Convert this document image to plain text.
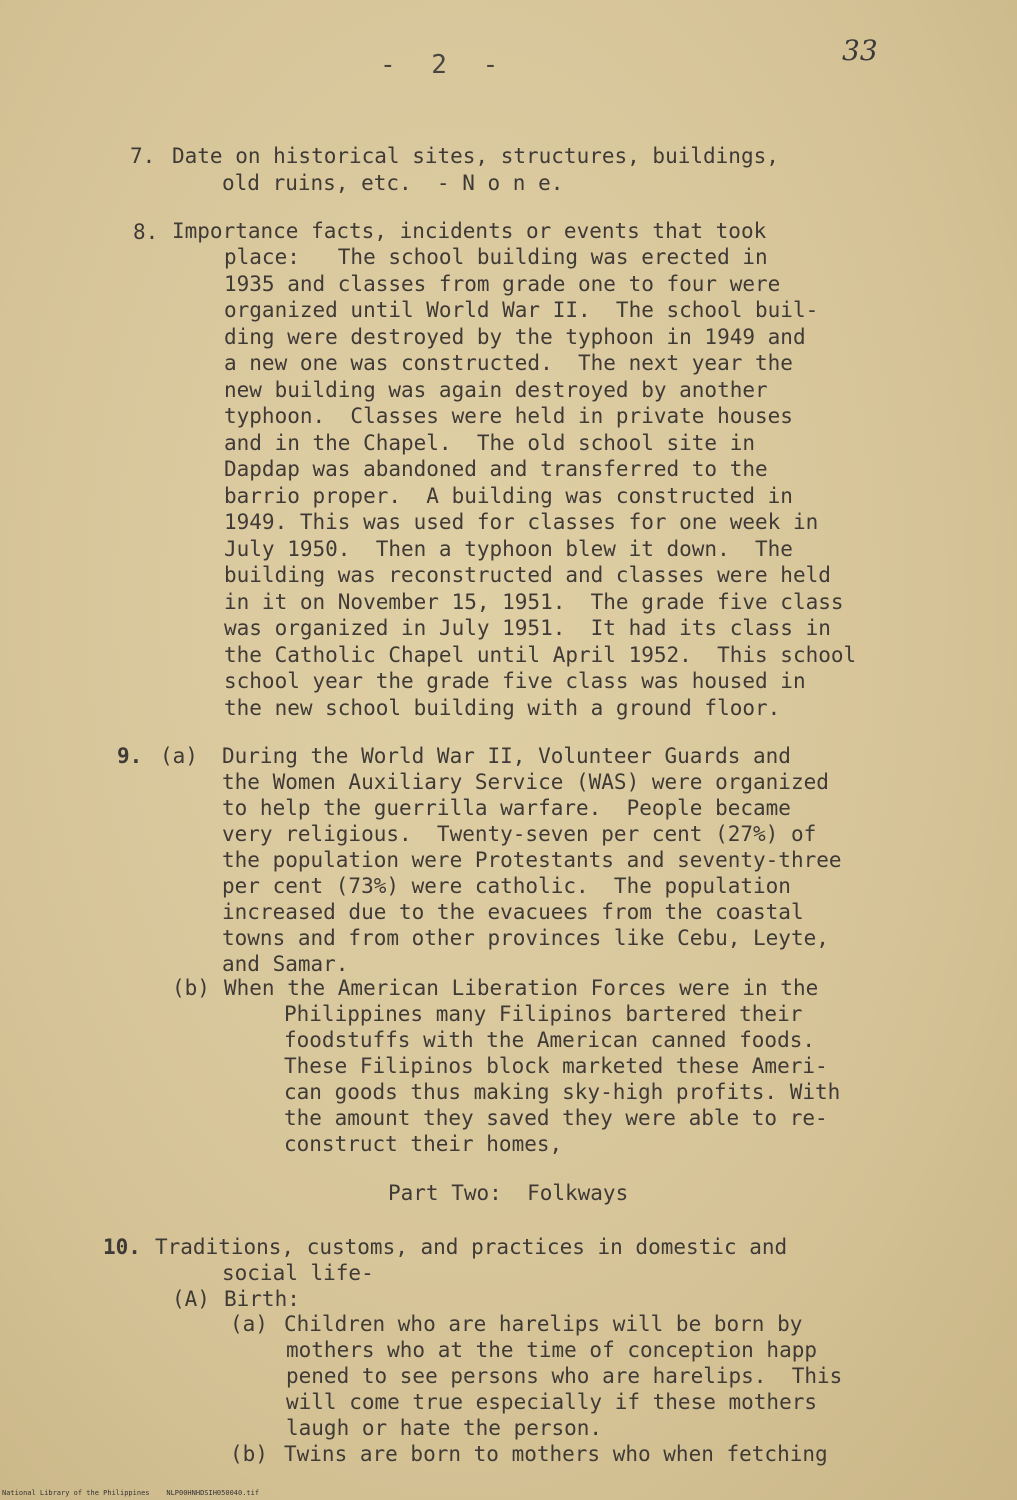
33
- 2 -
7. Date on historical sites, structures, buildings,
old ruins, etc.  - N o n e.
8. Importance facts, incidents or events that took
place:   The school building was erected in
1935 and classes from grade one to four were
organized until World War II.  The school buil-
ding were destroyed by the typhoon in 1949 and
a new one was constructed.  The next year the
new building was again destroyed by another
typhoon.  Classes were held in private houses
and in the Chapel.  The old school site in
Dapdap was abandoned and transferred to the
barrio proper.  A building was constructed in
1949. This was used for classes for one week in
July 1950.  Then a typhoon blew it down.  The
building was reconstructed and classes were held
in it on November 15, 1951.  The grade five class
was organized in July 1951.  It had its class in
the Catholic Chapel until April 1952.  This school
school year the grade five class was housed in
the new school building with a ground floor.
9. (a) During the World War II, Volunteer Guards and
the Women Auxiliary Service (WAS) were organized
to help the guerrilla warfare.  People became
very religious.  Twenty-seven per cent (27%) of
the population were Protestants and seventy-three
per cent (73%) were catholic.  The population
increased due to the evacuees from the coastal
towns and from other provinces like Cebu, Leyte,
and Samar.
(b) When the American Liberation Forces were in the
Philippines many Filipinos bartered their
foodstuffs with the American canned foods.
These Filipinos block marketed these Ameri-
can goods thus making sky-high profits. With
the amount they saved they were able to re-
construct their homes,
Part Two:  Folkways
10. Traditions, customs, and practices in domestic and
social life-
(A) Birth:
(a) Children who are harelips will be born by
mothers who at the time of conception happ
pened to see persons who are harelips.  This
will come true especially if these mothers
laugh or hate the person.
(b) Twins are born to mothers who when fetching
National Library of the Philippines    NLP00HNHDSIH050040.tif
